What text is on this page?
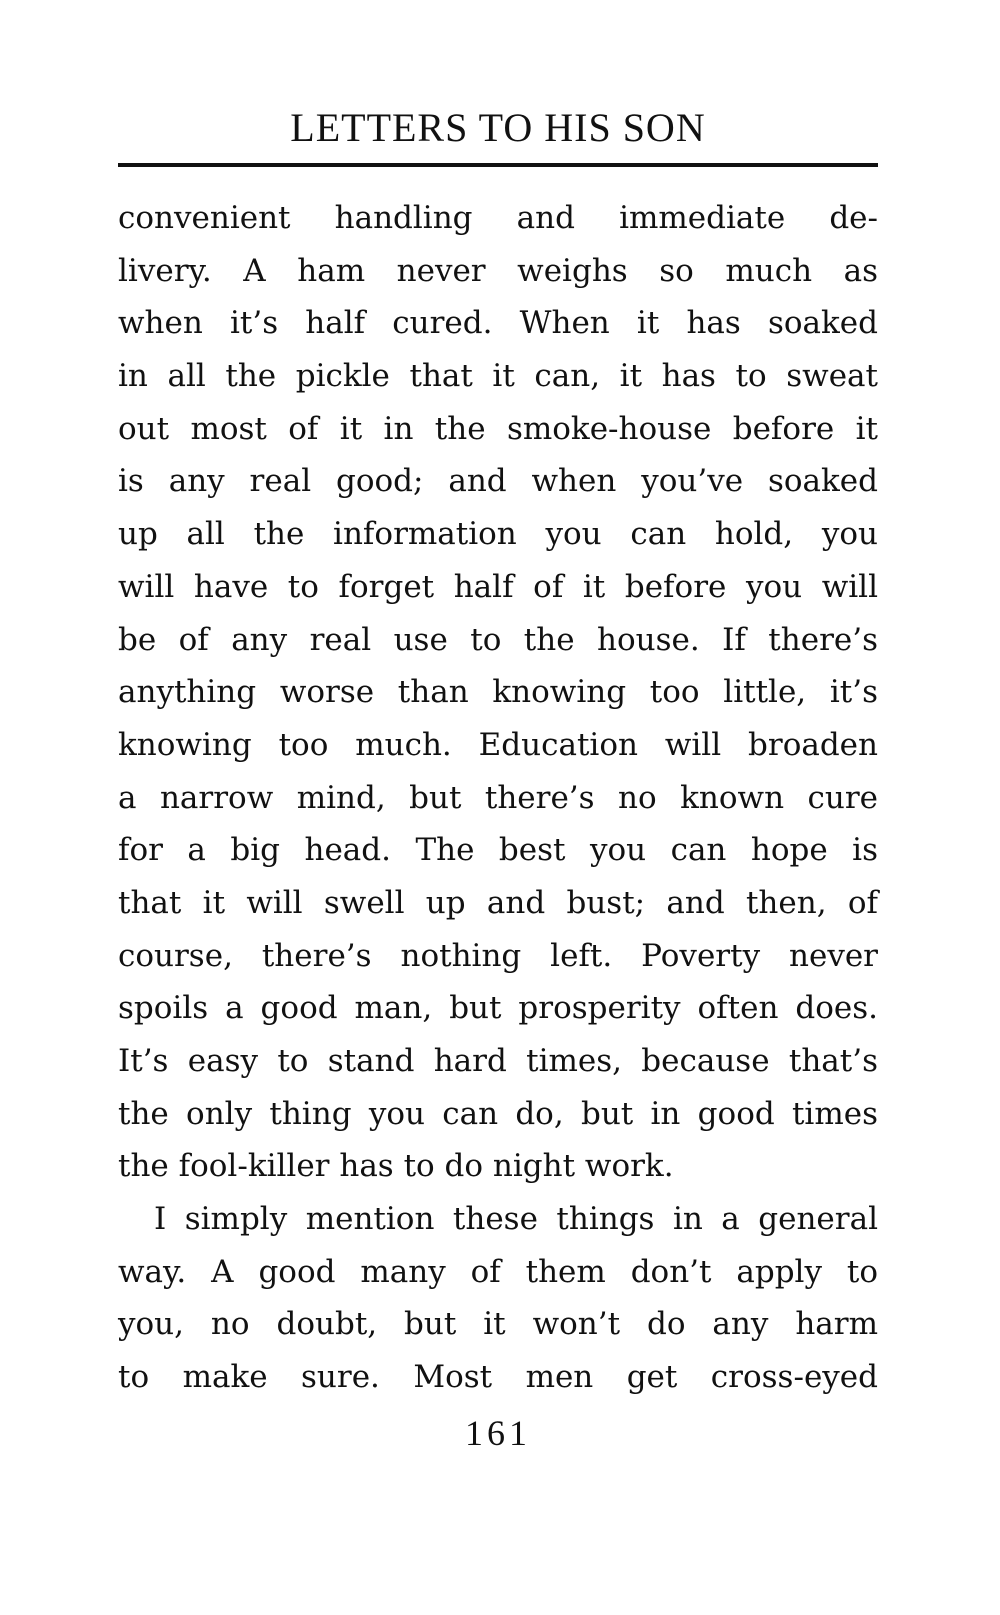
LETTERS TO HIS SON
convenient handling and immediate de-
livery. A ham never weighs so much as
when it’s half cured. When it has soaked
in all the pickle that it can, it has to sweat
out most of it in the smoke-house before it
is any real good; and when you’ve soaked
up all the information you can hold, you
will have to forget half of it before you will
be of any real use to the house. If there’s
anything worse than knowing too little, it’s
knowing too much. Education will broaden
a narrow mind, but there’s no known cure
for a big head. The best you can hope is
that it will swell up and bust; and then, of
course, there’s nothing left. Poverty never
spoils a good man, but prosperity often does.
It’s easy to stand hard times, because that’s
the only thing you can do, but in good times
the fool-killer has to do night work.
I simply mention these things in a general
way. A good many of them don’t apply to
you, no doubt, but it won’t do any harm
to make sure. Most men get cross-eyed
161
